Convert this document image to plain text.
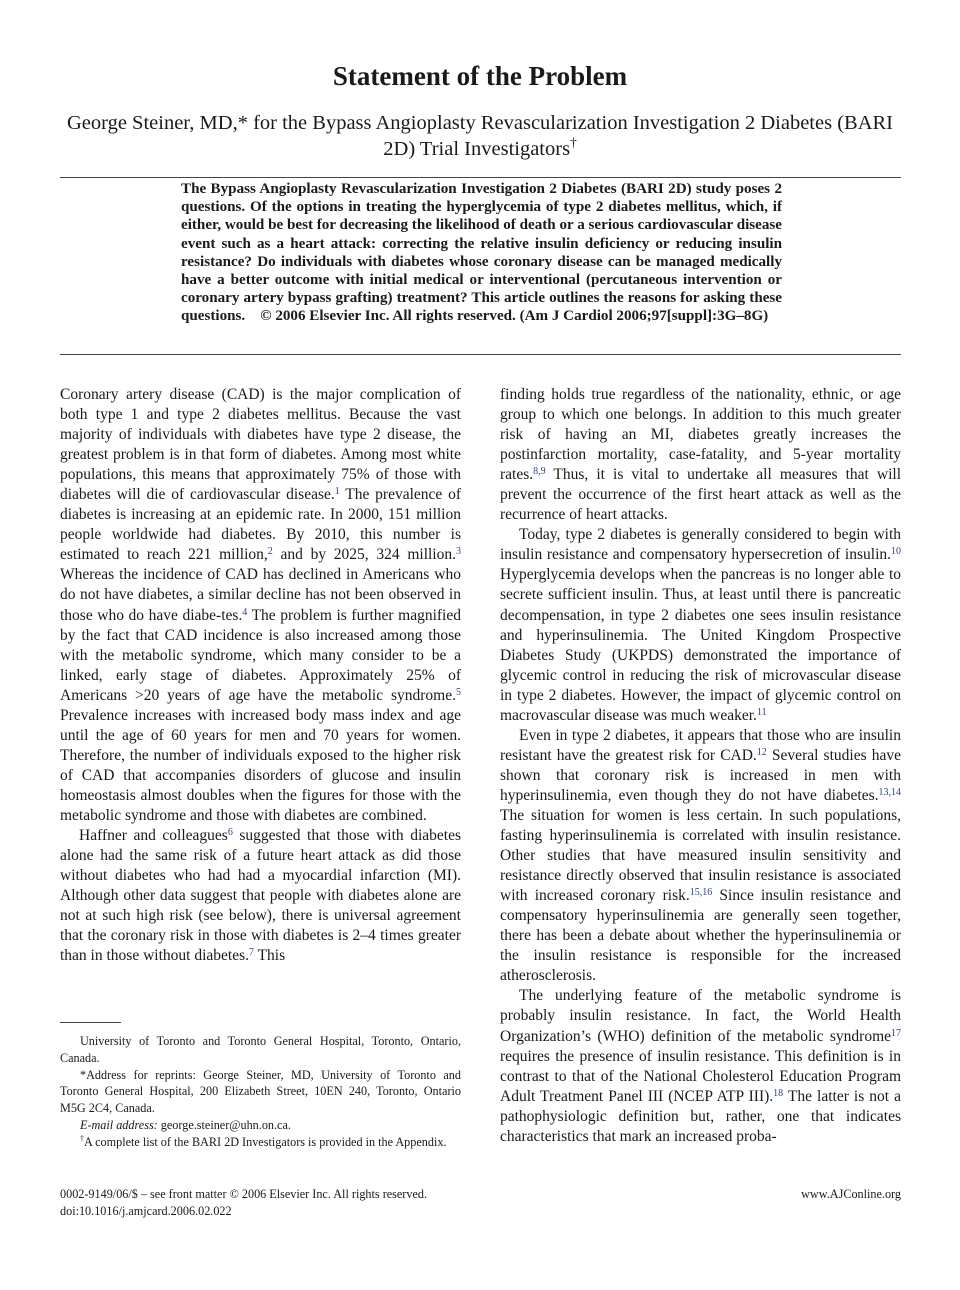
Statement of the Problem
George Steiner, MD,* for the Bypass Angioplasty Revascularization Investigation 2 Diabetes (BARI 2D) Trial Investigators†

The Bypass Angioplasty Revascularization Investigation 2 Diabetes (BARI 2D) study poses 2 questions. Of the options in treating the hyperglycemia of type 2 diabetes mellitus, which, if either, would be best for decreasing the likelihood of death or a serious cardiovascular disease event such as a heart attack: correcting the relative insulin deficiency or reducing insulin resistance? Do individuals with diabetes whose coronary disease can be managed medically have a better outcome with initial medical or interventional (percutaneous intervention or coronary artery bypass grafting) treatment? This article outlines the reasons for asking these questions. © 2006 Elsevier Inc. All rights reserved. (Am J Cardiol 2006;97[suppl]:3G–8G)

Coronary artery disease (CAD) is the major complication of both type 1 and type 2 diabetes mellitus. Because the vast majority of individuals with diabetes have type 2 disease, the greatest problem is in that form of diabetes. Among most white populations, this means that approximately 75% of those with diabetes will die of cardiovascular disease.$^1$ The prevalence of diabetes is increasing at an epidemic rate. In 2000, 151 million people worldwide had diabetes. By 2010, this number is estimated to reach 221 million,$^2$ and by 2025, 324 million.$^3$ Whereas the incidence of CAD has declined in Americans who do not have diabetes, a similar decline has not been observed in those who do have diabe-tes.$^4$ The problem is further magnified by the fact that CAD incidence is also increased among those with the metabolic syndrome, which many consider to be a linked, early stage of diabetes. Approximately 25% of Americans >20 years of age have the metabolic syndrome.$^5$ Prevalence increases with increased body mass index and age until the age of 60 years for men and 70 years for women. Therefore, the number of individuals exposed to the higher risk of CAD that accompanies disorders of glucose and insulin homeostasis almost doubles when the figures for those with the metabolic syndrome and those with diabetes are combined.

Haffner and colleagues$^6$ suggested that those with diabetes alone had the same risk of a future heart attack as did those without diabetes who had had a myocardial infarction (MI). Although other data suggest that people with diabetes alone are not at such high risk (see below), there is universal agreement that the coronary risk in those with diabetes is 2–4 times greater than in those without diabetes.$^7$ This

finding holds true regardless of the nationality, ethnic, or age group to which one belongs. In addition to this much greater risk of having an MI, diabetes greatly increases the postinfarction mortality, case-fatality, and 5-year mortality rates.$^{8,9}$ Thus, it is vital to undertake all measures that will prevent the occurrence of the first heart attack as well as the recurrence of heart attacks.

Today, type 2 diabetes is generally considered to begin with insulin resistance and compensatory hypersecretion of insulin.$^{10}$ Hyperglycemia develops when the pancreas is no longer able to secrete sufficient insulin. Thus, at least until there is pancreatic decompensation, in type 2 diabetes one sees insulin resistance and hyperinsulinemia. The United Kingdom Prospective Diabetes Study (UKPDS) demonstrated the importance of glycemic control in reducing the risk of microvascular disease in type 2 diabetes. However, the impact of glycemic control on macrovascular disease was much weaker.$^{11}$

Even in type 2 diabetes, it appears that those who are insulin resistant have the greatest risk for CAD.$^{12}$ Several studies have shown that coronary risk is increased in men with hyperinsulinemia, even though they do not have diabetes.$^{13,14}$ The situation for women is less certain. In such populations, fasting hyperinsulinemia is correlated with insulin resistance. Other studies that have measured insulin sensitivity and resistance directly observed that insulin resistance is associated with increased coronary risk.$^{15,16}$ Since insulin resistance and compensatory hyperinsulinemia are generally seen together, there has been a debate about whether the hyperinsulinemia or the insulin resistance is responsible for the increased atherosclerosis.

The underlying feature of the metabolic syndrome is probably insulin resistance. In fact, the World Health Organization’s (WHO) definition of the metabolic syndrome$^{17}$ requires the presence of insulin resistance. This definition is in contrast to that of the National Cholesterol Education Program Adult Treatment Panel III (NCEP ATP III).$^{18}$ The latter is not a pathophysiologic definition but, rather, one that indicates characteristics that mark an increased proba-

University of Toronto and Toronto General Hospital, Toronto, Ontario, Canada.

*Address for reprints: George Steiner, MD, University of Toronto and Toronto General Hospital, 200 Elizabeth Street, 10EN 240, Toronto, Ontario M5G 2C4, Canada.

E-mail address: george.steiner@uhn.on.ca.

†A complete list of the BARI 2D Investigators is provided in the Appendix.

0002-9149/06/$ – see front matter © 2006 Elsevier Inc. All rights reserved.
doi:10.1016/j.amjcard.2006.02.022
www.AJConline.org
